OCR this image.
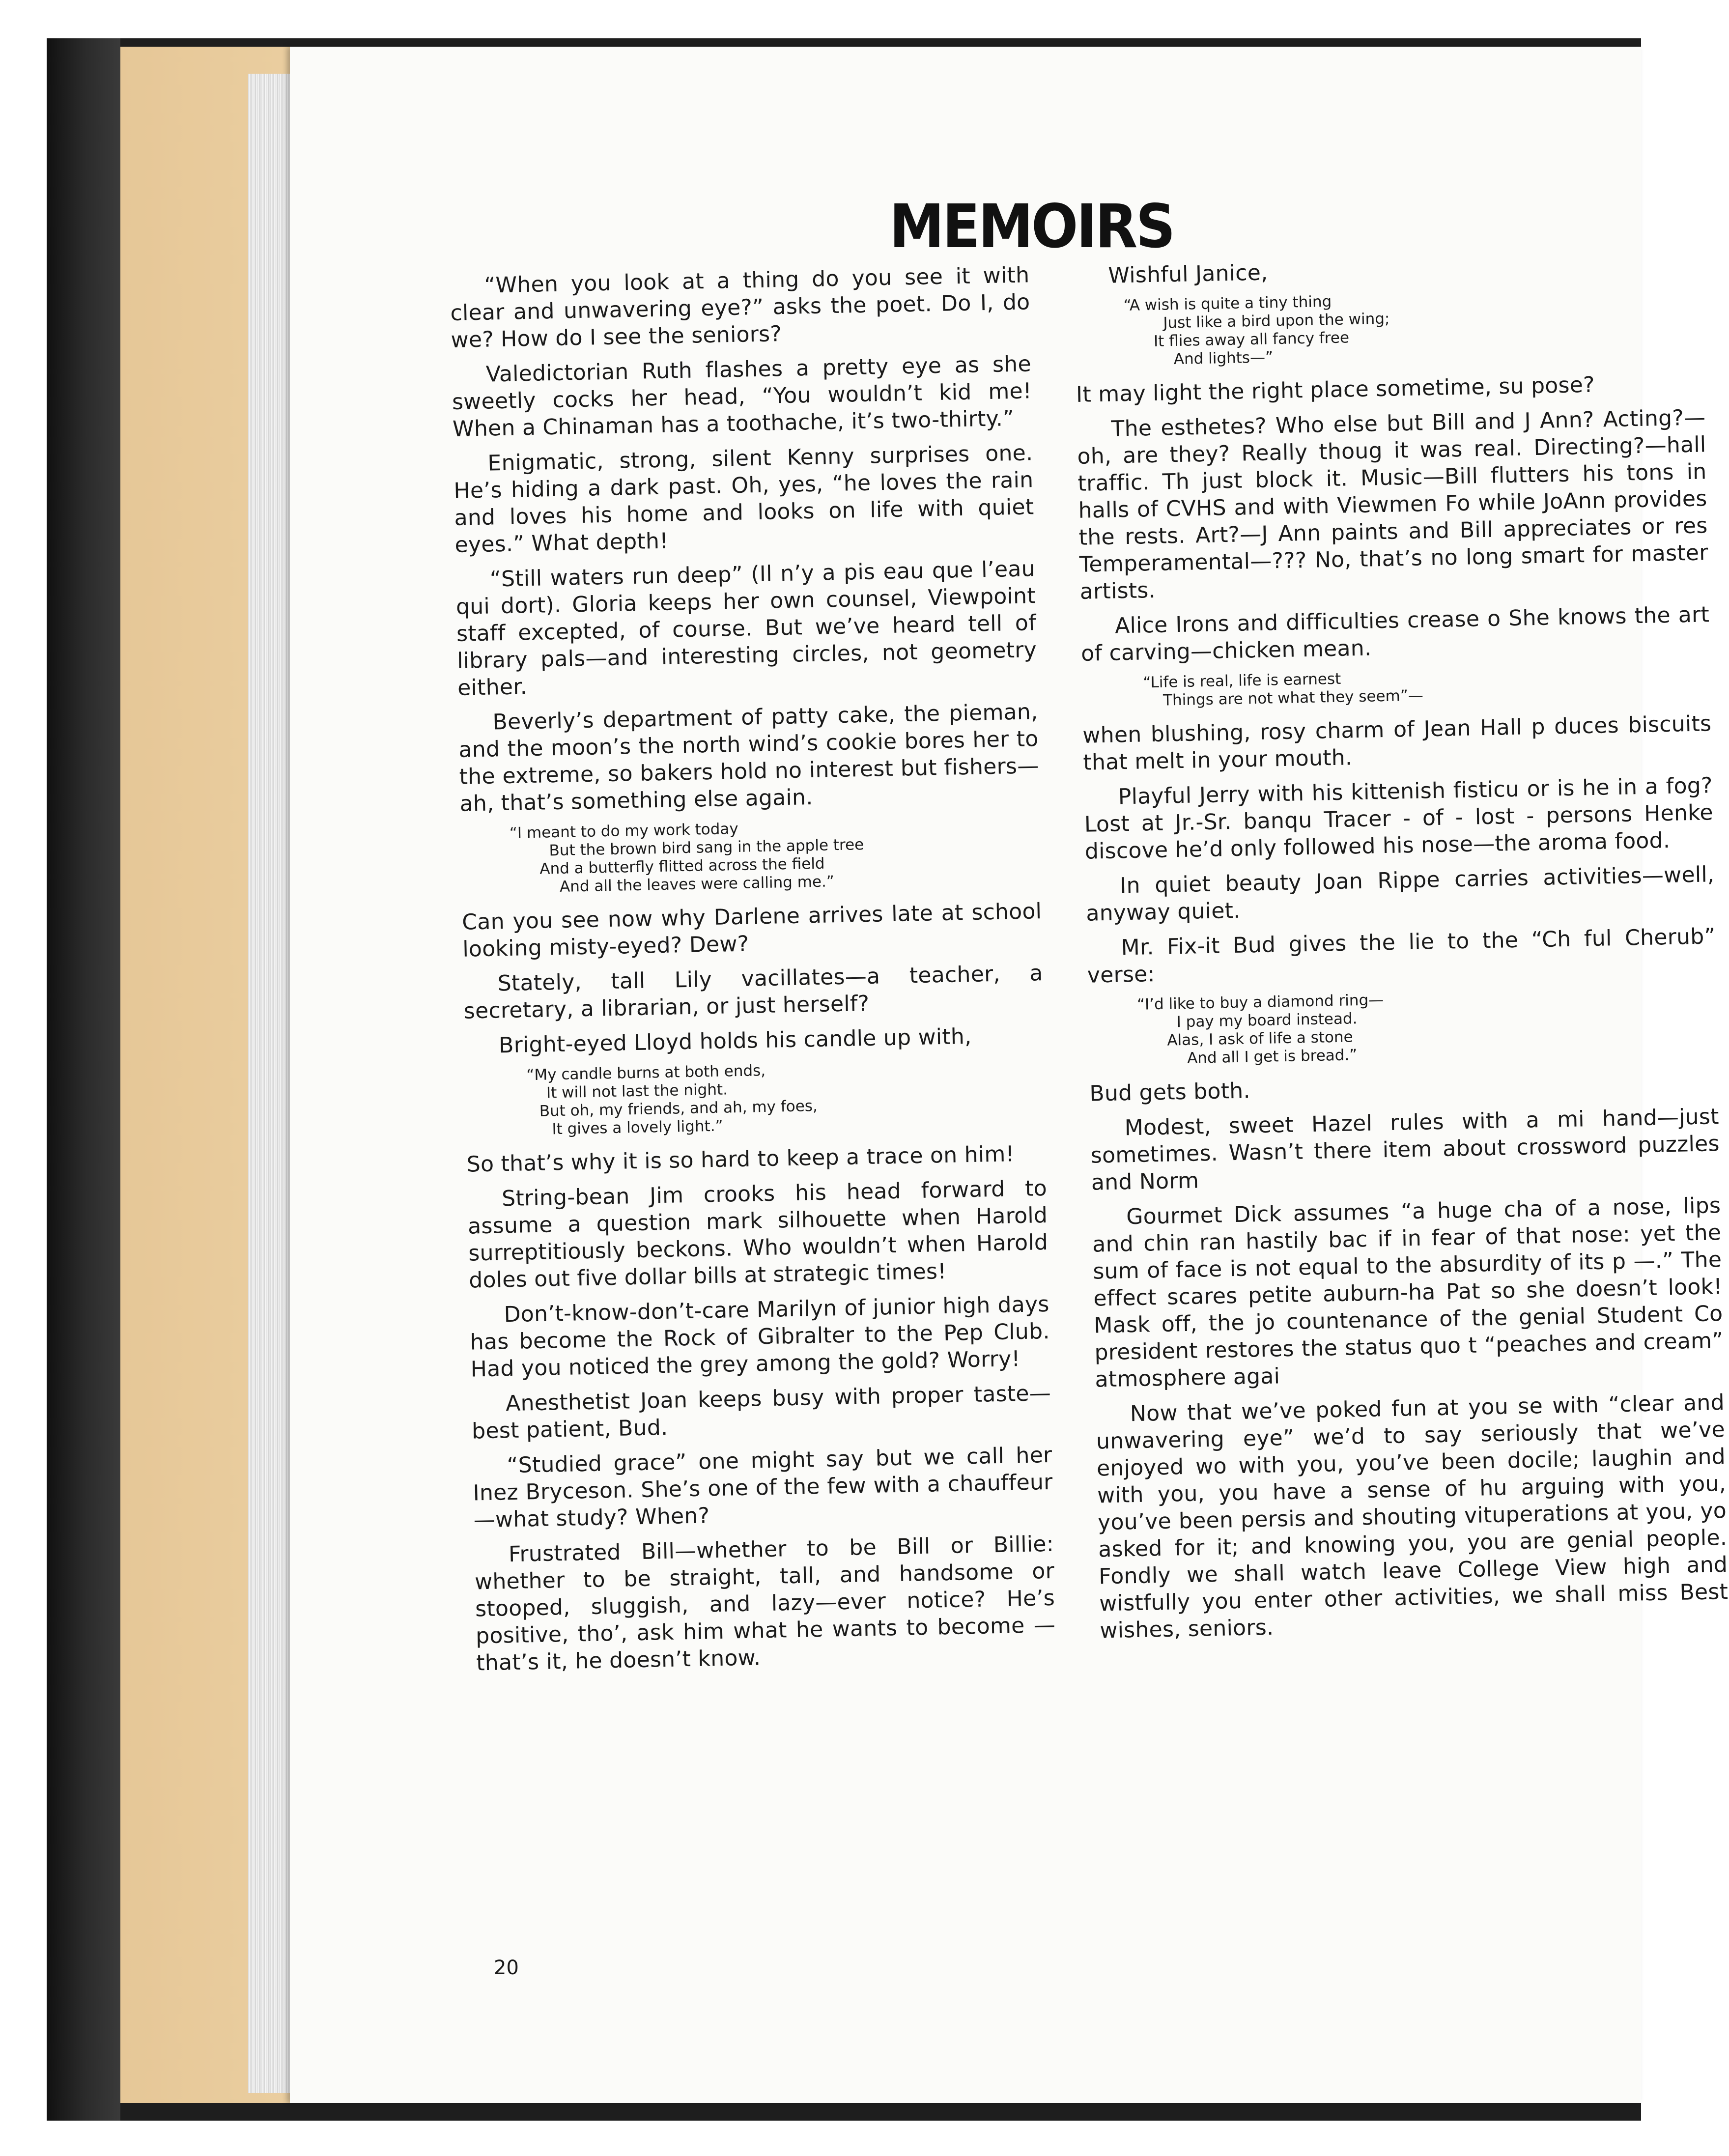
MEMOIRS

“When you look at a thing do you see it with clear and unwavering eye?” asks the poet. Do I, do we? How do I see the seniors?

Valedictorian Ruth flashes a pretty eye as she sweetly cocks her head, “You wouldn’t kid me! When a Chinaman has a toothache, it’s two-thirty.”

Enigmatic, strong, silent Kenny surprises one. He’s hiding a dark past. Oh, yes, “he loves the rain and loves his home and looks on life with quiet eyes.” What depth!

“Still waters run deep” (Il n’y a pis eau que l’eau qui dort). Gloria keeps her own counsel, Viewpoint staff excepted, of course. But we’ve heard tell of library pals—and interesting circles, not geometry either.

Beverly’s department of patty cake, the pieman, and the moon’s the north wind’s cookie bores her to the extreme, so bakers hold no interest but fishers—ah, that’s something else again.

“I meant to do my work today
But the brown bird sang in the apple tree
And a butterfly flitted across the field
And all the leaves were calling me.”

Can you see now why Darlene arrives late at school looking misty-eyed? Dew?

Stately, tall Lily vacillates—a teacher, a secretary, a librarian, or just herself?

Bright-eyed Lloyd holds his candle up with,

“My candle burns at both ends,
It will not last the night.
But oh, my friends, and ah, my foes,
It gives a lovely light.”

So that’s why it is so hard to keep a trace on him!

String-bean Jim crooks his head forward to assume a question mark silhouette when Harold surreptitiously beckons. Who wouldn’t when Harold doles out five dollar bills at strategic times!

Don’t-know-don’t-care Marilyn of junior high days has become the Rock of Gibralter to the Pep Club. Had you noticed the grey among the gold? Worry!

Anesthetist Joan keeps busy with proper taste—best patient, Bud.

“Studied grace” one might say but we call her Inez Bryceson. She’s one of the few with a chauffeur—what study? When?

Frustrated Bill—whether to be Bill or Billie: whether to be straight, tall, and handsome or stooped, sluggish, and lazy—ever notice? He’s positive, tho’, ask him what he wants to become — that’s it, he doesn’t know.

Wishful Janice,

“A wish is quite a tiny thing
Just like a bird upon the wing;
It flies away all fancy free
And lights—”

It may light the right place sometime, su pose?

The esthetes? Who else but Bill and J Ann? Acting?—oh, are they? Really thoug it was real. Directing?—hall traffic. Th just block it. Music—Bill flutters his tons in halls of CVHS and with Viewmen Fo while JoAnn provides the rests. Art?—J Ann paints and Bill appreciates or res Temperamental—??? No, that’s no long smart for master artists.

Alice Irons and difficulties crease o She knows the art of carving—chicken mean.

“Life is real, life is earnest
Things are not what they seem”—

when blushing, rosy charm of Jean Hall p duces biscuits that melt in your mouth.

Playful Jerry with his kittenish fisticu or is he in a fog? Lost at Jr.-Sr. banqu Tracer - of - lost - persons Henke discove he’d only followed his nose—the aroma food.

In quiet beauty Joan Rippe carries activities—well, anyway quiet.

Mr. Fix-it Bud gives the lie to the “Ch ful Cherub” verse:

“I’d like to buy a diamond ring—
I pay my board instead.
Alas, I ask of life a stone
And all I get is bread.”

Bud gets both.

Modest, sweet Hazel rules with a mi hand—just sometimes. Wasn’t there item about crossword puzzles and Norm

Gourmet Dick assumes “a huge cha of a nose, lips and chin ran hastily bac if in fear of that nose: yet the sum of face is not equal to the absurdity of its p —.” The effect scares petite auburn-ha Pat so she doesn’t look! Mask off, the jo countenance of the genial Student Co president restores the status quo t “peaches and cream” atmosphere agai

Now that we’ve poked fun at you se with “clear and unwavering eye” we’d to say seriously that we’ve enjoyed wo with you, you’ve been docile; laughin and with you, you have a sense of hu arguing with you, you’ve been persis and shouting vituperations at you, yo asked for it; and knowing you, you are genial people. Fondly we shall watch leave College View high and wistfully you enter other activities, we shall miss Best wishes, seniors.

20
